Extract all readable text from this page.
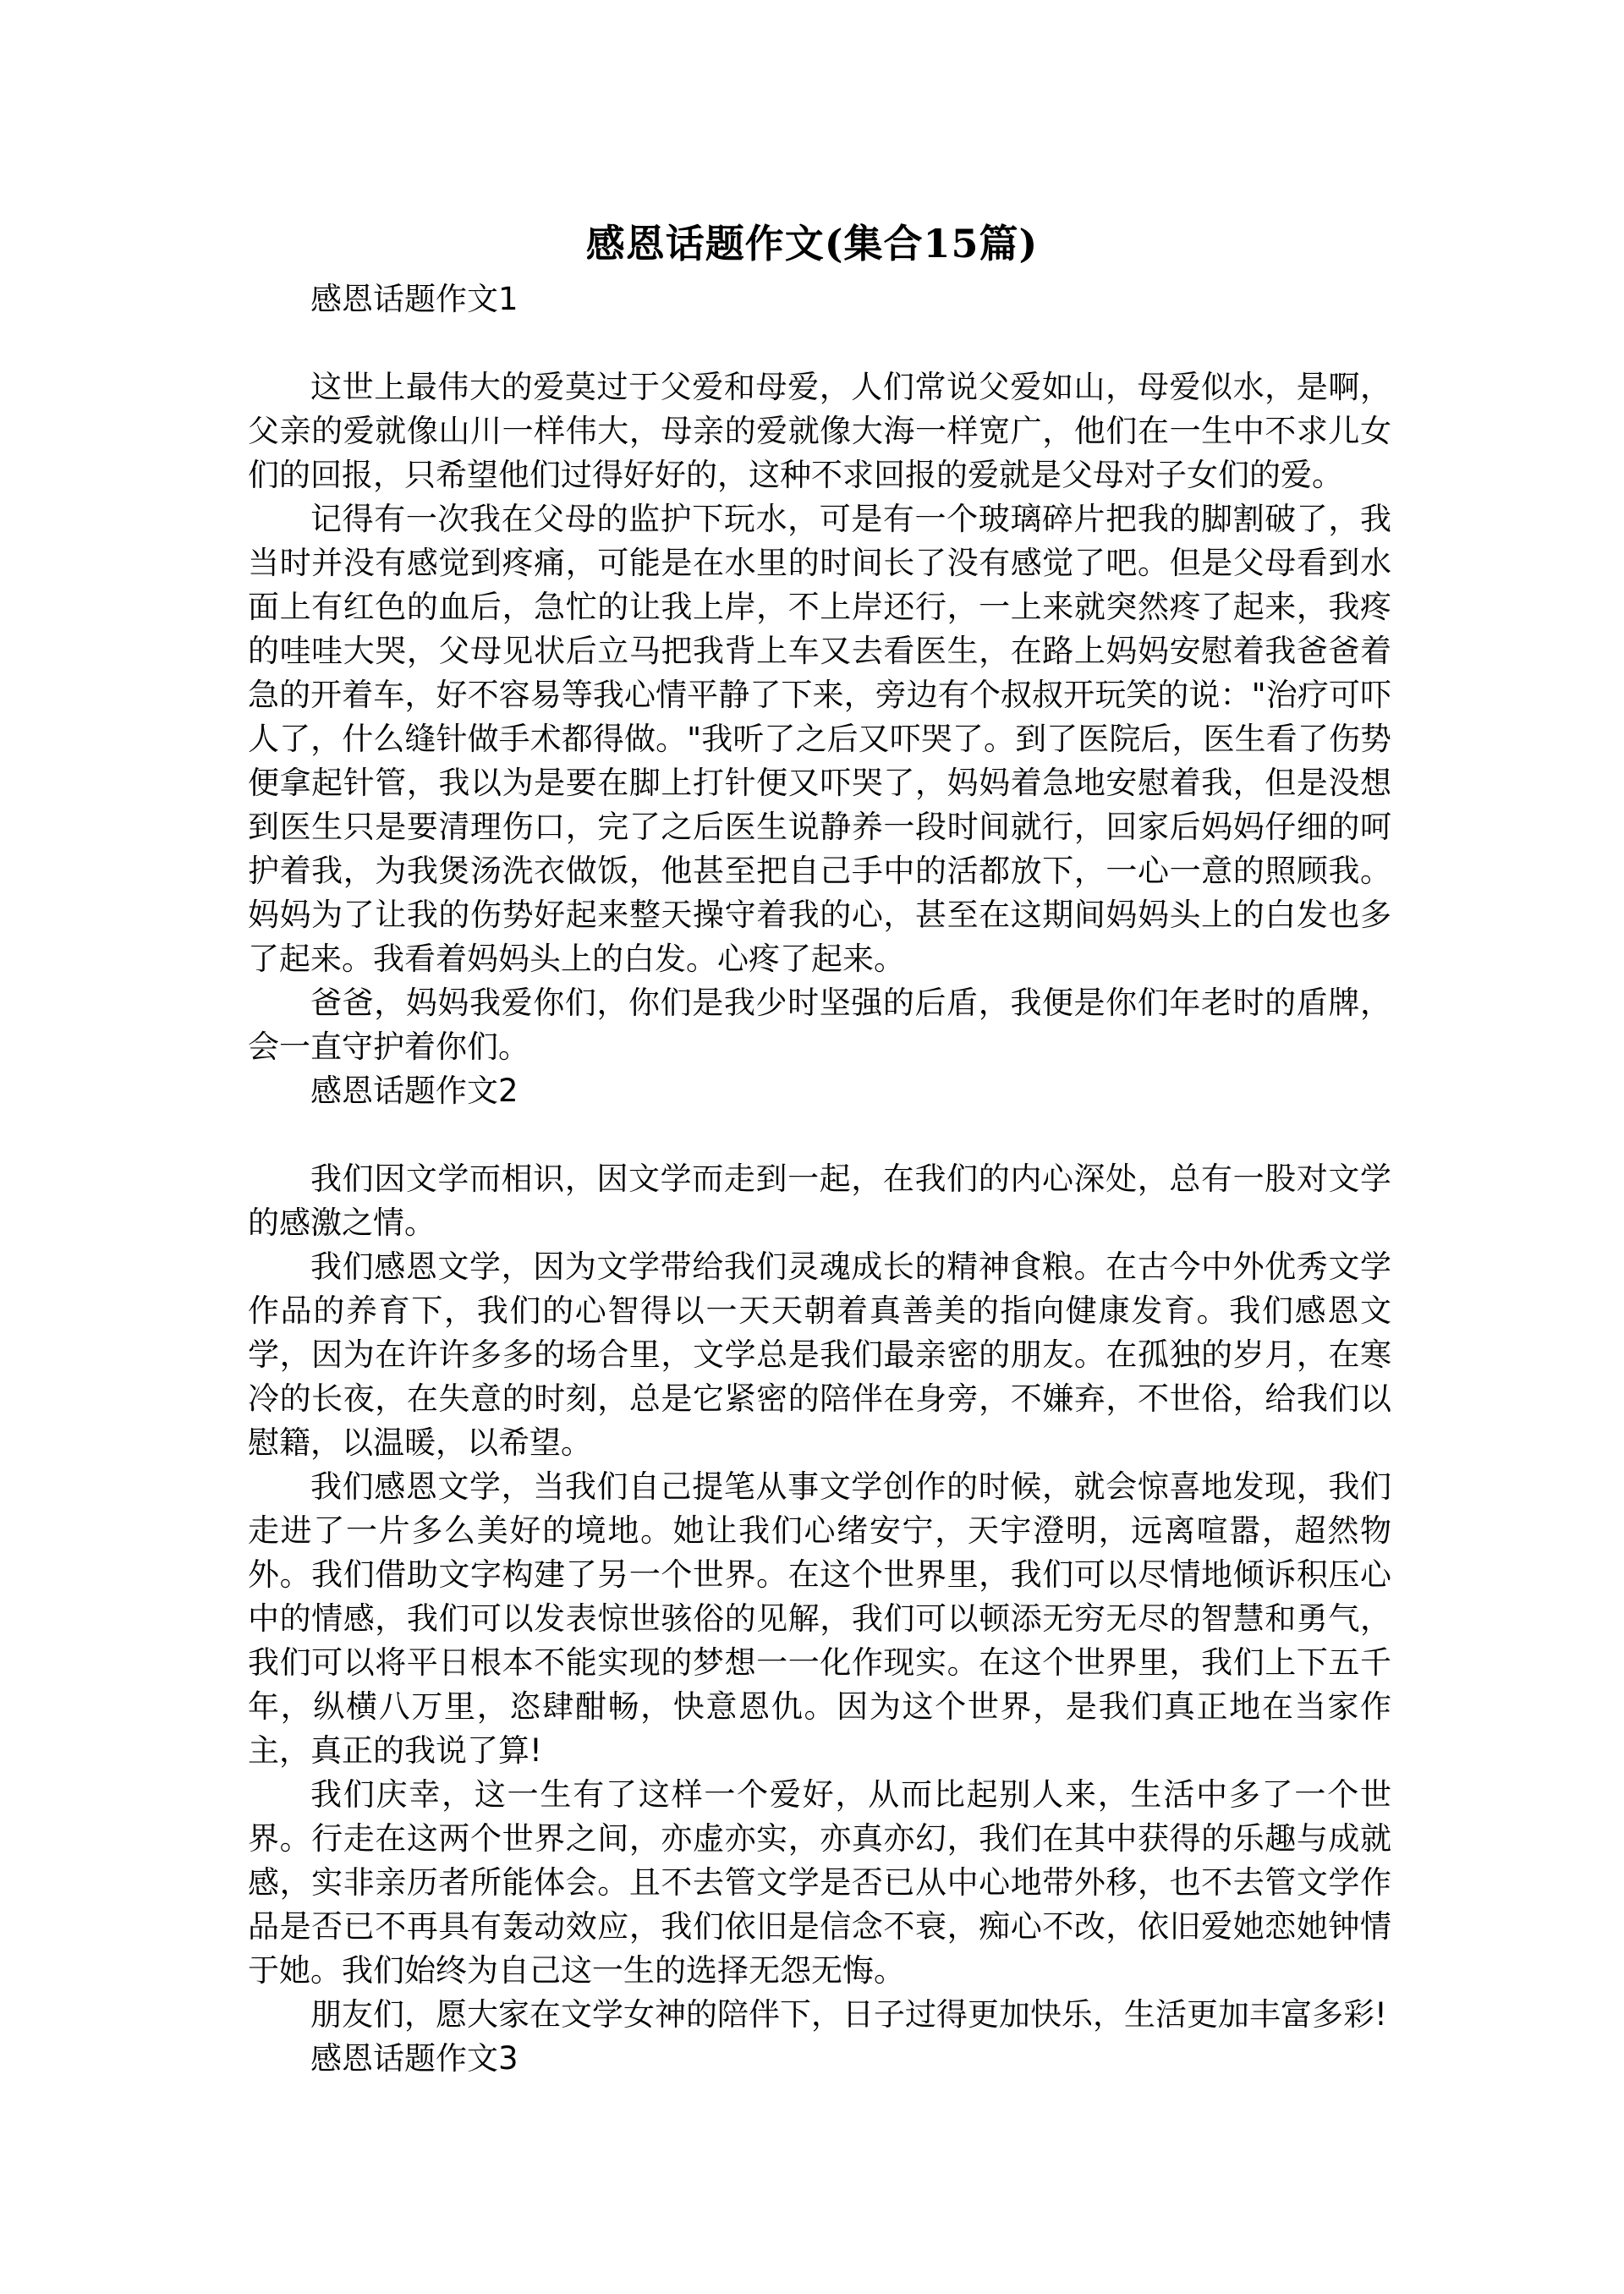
感恩话题作文(集合15篇)
感恩话题作文1

这世上最伟大的爱莫过于父爱和母爱，人们常说父爱如山，母爱似水，是啊，父亲的爱就像山川一样伟大，母亲的爱就像大海一样宽广，他们在一生中不求儿女们的回报，只希望他们过得好好的，这种不求回报的爱就是父母对子女们的爱。

记得有一次我在父母的监护下玩水，可是有一个玻璃碎片把我的脚割破了，我当时并没有感觉到疼痛，可能是在水里的时间长了没有感觉了吧。但是父母看到水面上有红色的血后，急忙的让我上岸，不上岸还行，一上来就突然疼了起来，我疼的哇哇大哭，父母见状后立马把我背上车又去看医生，在路上妈妈安慰着我爸爸着急的开着车，好不容易等我心情平静了下来，旁边有个叔叔开玩笑的说："治疗可吓人了，什么缝针做手术都得做。"我听了之后又吓哭了。到了医院后，医生看了伤势便拿起针管，我以为是要在脚上打针便又吓哭了，妈妈着急地安慰着我，但是没想到医生只是要清理伤口，完了之后医生说静养一段时间就行，回家后妈妈仔细的呵护着我，为我煲汤洗衣做饭，他甚至把自己手中的活都放下，一心一意的照顾我。妈妈为了让我的伤势好起来整天操守着我的心，甚至在这期间妈妈头上的白发也多了起来。我看着妈妈头上的白发。心疼了起来。

爸爸，妈妈我爱你们，你们是我少时坚强的后盾，我便是你们年老时的盾牌，会一直守护着你们。

感恩话题作文2

我们因文学而相识，因文学而走到一起，在我们的内心深处，总有一股对文学的感激之情。

我们感恩文学，因为文学带给我们灵魂成长的精神食粮。在古今中外优秀文学作品的养育下，我们的心智得以一天天朝着真善美的指向健康发育。我们感恩文学，因为在许许多多的场合里，文学总是我们最亲密的朋友。在孤独的岁月，在寒冷的长夜，在失意的时刻，总是它紧密的陪伴在身旁，不嫌弃，不世俗，给我们以慰籍，以温暖，以希望。

我们感恩文学，当我们自己提笔从事文学创作的时候，就会惊喜地发现，我们走进了一片多么美好的境地。她让我们心绪安宁，天宇澄明，远离喧嚣，超然物外。我们借助文字构建了另一个世界。在这个世界里，我们可以尽情地倾诉积压心中的情感，我们可以发表惊世骇俗的见解，我们可以顿添无穷无尽的智慧和勇气，我们可以将平日根本不能实现的梦想一一化作现实。在这个世界里，我们上下五千年，纵横八万里，恣肆酣畅，快意恩仇。因为这个世界，是我们真正地在当家作主，真正的我说了算!

我们庆幸，这一生有了这样一个爱好，从而比起别人来，生活中多了一个世界。行走在这两个世界之间，亦虚亦实，亦真亦幻，我们在其中获得的乐趣与成就感，实非亲历者所能体会。且不去管文学是否已从中心地带外移，也不去管文学作品是否已不再具有轰动效应，我们依旧是信念不衰，痴心不改，依旧爱她恋她钟情于她。我们始终为自己这一生的选择无怨无悔。

朋友们，愿大家在文学女神的陪伴下，日子过得更加快乐，生活更加丰富多彩!

感恩话题作文3
